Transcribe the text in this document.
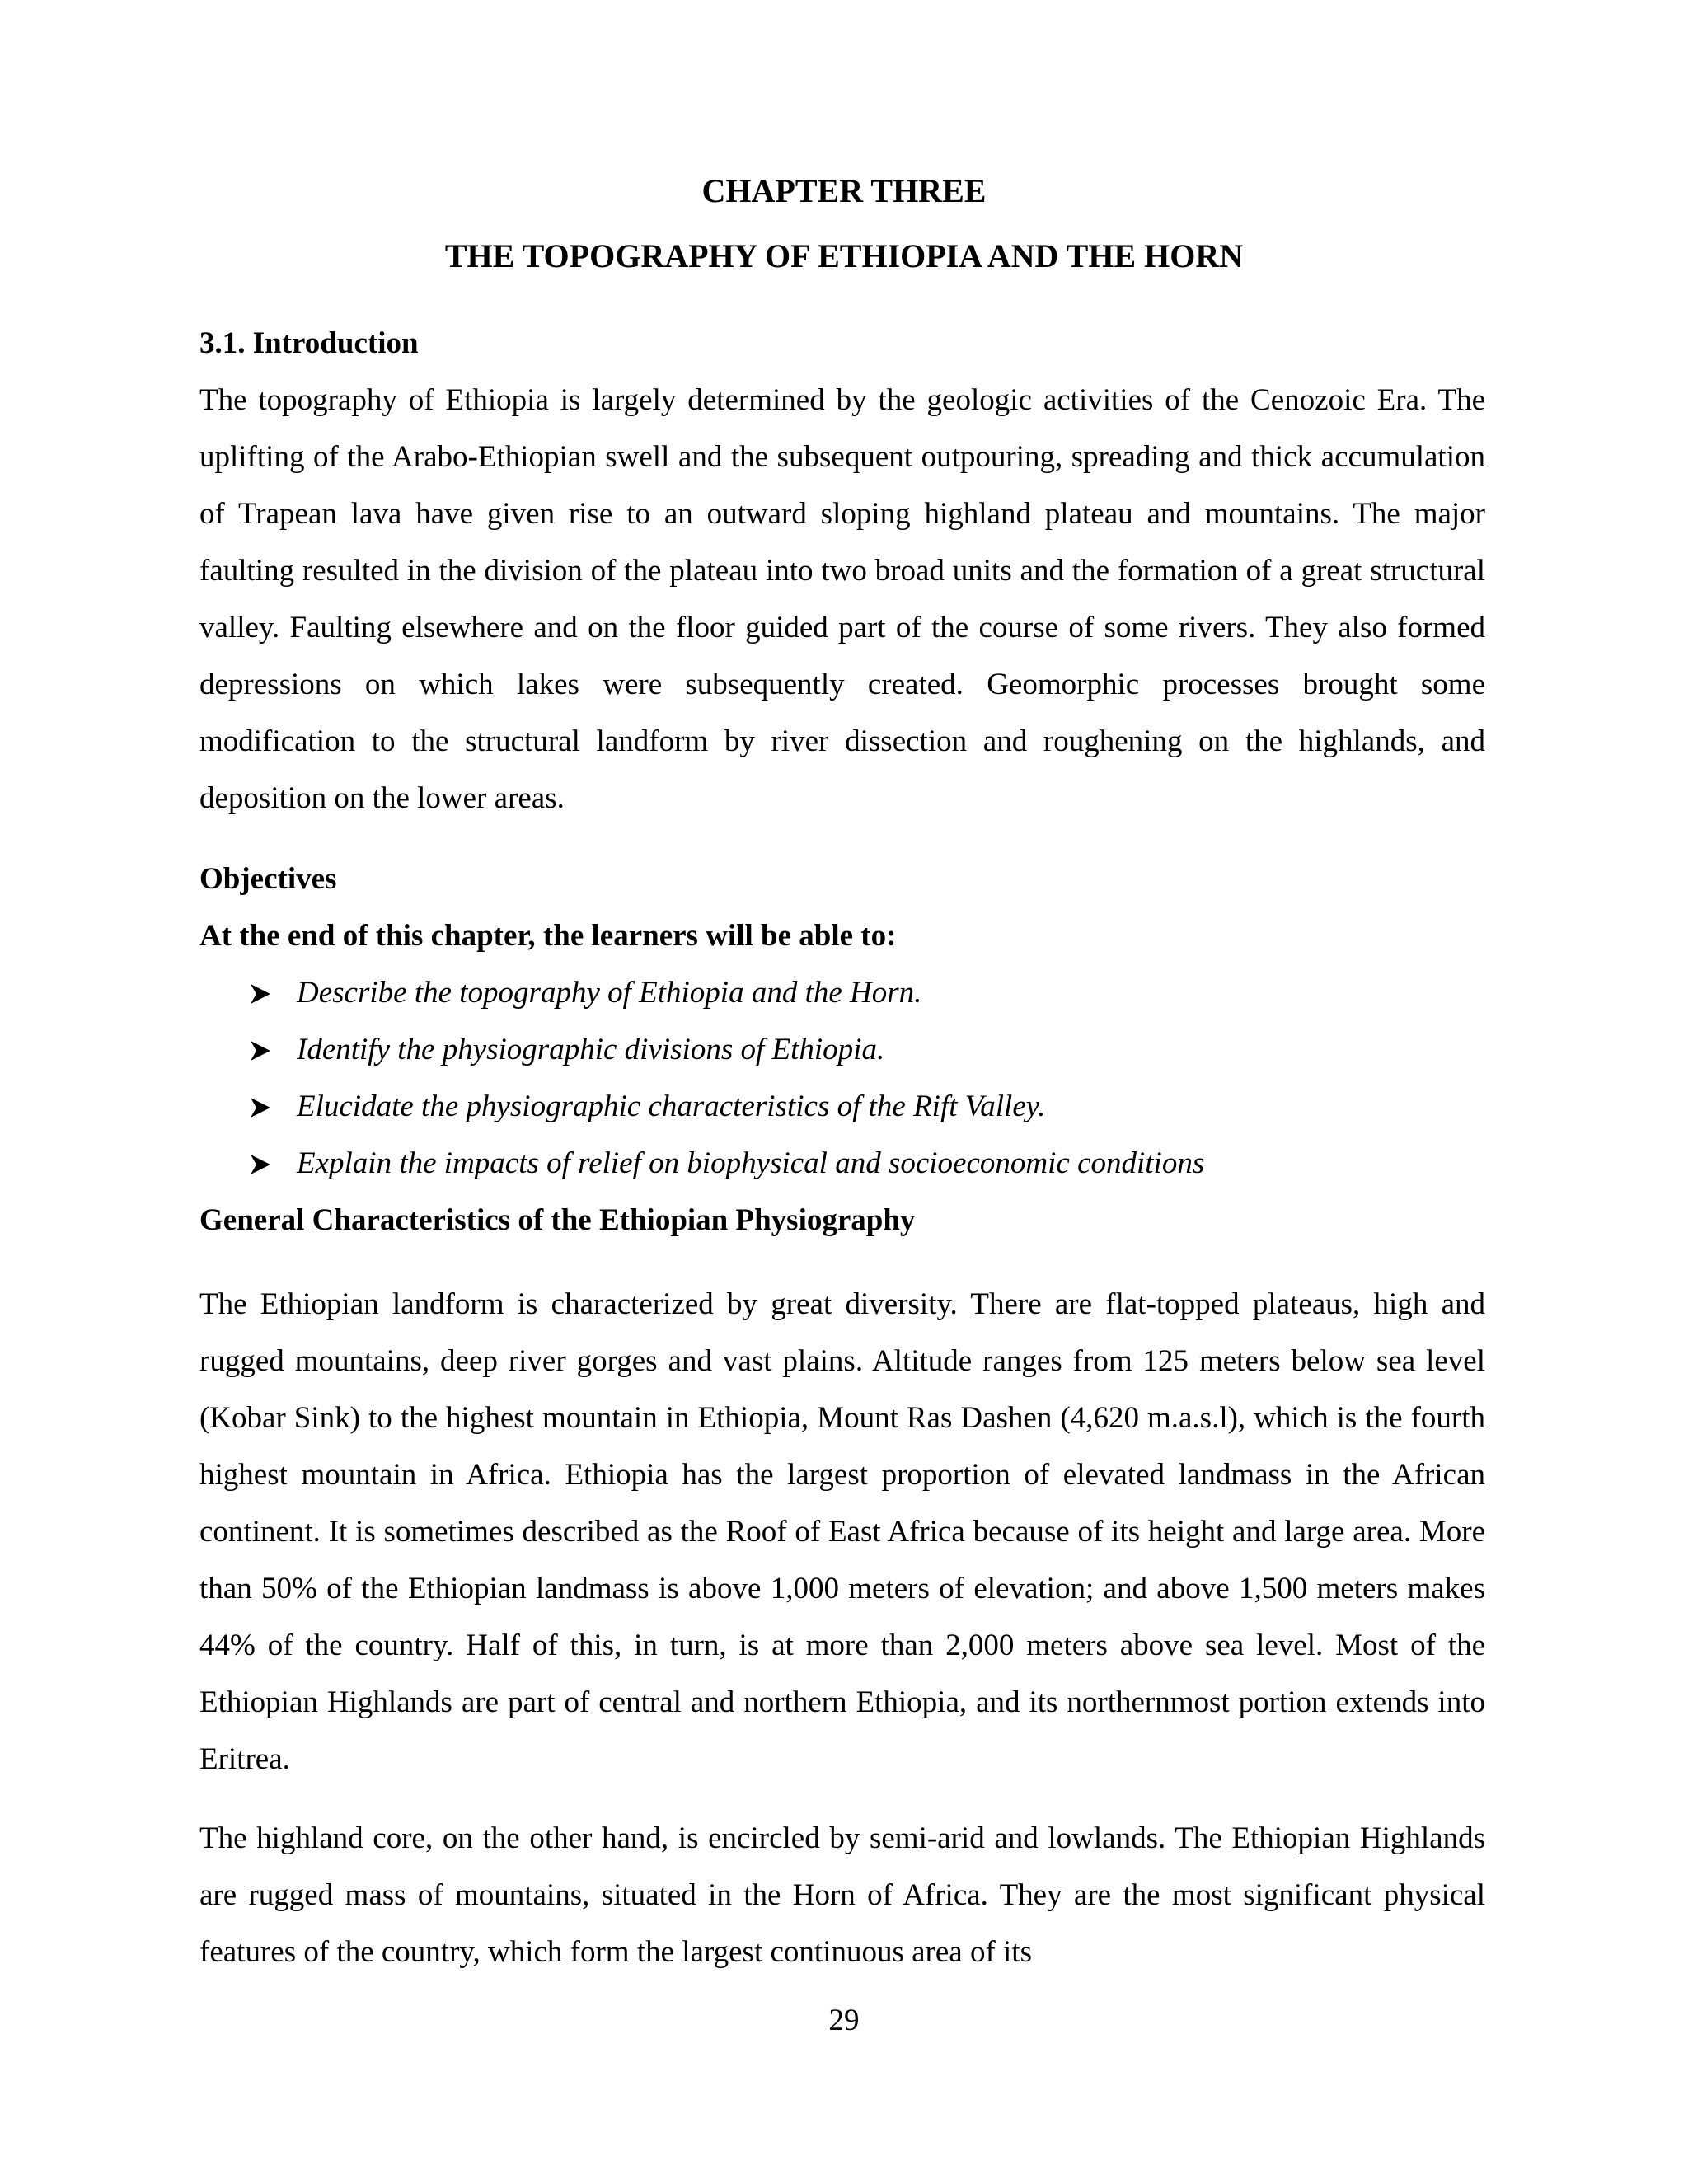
CHAPTER THREE
THE TOPOGRAPHY OF ETHIOPIA AND THE HORN
3.1. Introduction

The topography of Ethiopia is largely determined by the geologic activities of the Cenozoic Era. The uplifting of the Arabo-Ethiopian swell and the subsequent outpouring, spreading and thick accumulation of Trapean lava have given rise to an outward sloping highland plateau and mountains. The major faulting resulted in the division of the plateau into two broad units and the formation of a great structural valley. Faulting elsewhere and on the floor guided part of the course of some rivers. They also formed depressions on which lakes were subsequently created. Geomorphic processes brought some modification to the structural landform by river dissection and roughening on the highlands, and deposition on the lower areas.

Objectives
At the end of this chapter, the learners will be able to:
Describe the topography of Ethiopia and the Horn.
Identify the physiographic divisions of Ethiopia.
Elucidate the physiographic characteristics of the Rift Valley.
Explain the impacts of relief on biophysical and socioeconomic conditions
General Characteristics of the Ethiopian Physiography

The Ethiopian landform is characterized by great diversity. There are flat-topped plateaus, high and rugged mountains, deep river gorges and vast plains. Altitude ranges from 125 meters below sea level (Kobar Sink) to the highest mountain in Ethiopia, Mount Ras Dashen (4,620 m.a.s.l), which is the fourth highest mountain in Africa. Ethiopia has the largest proportion of elevated landmass in the African continent. It is sometimes described as the Roof of East Africa because of its height and large area. More than 50% of the Ethiopian landmass is above 1,000 meters of elevation; and above 1,500 meters makes 44% of the country. Half of this, in turn, is at more than 2,000 meters above sea level. Most of the Ethiopian Highlands are part of central and northern Ethiopia, and its northernmost portion extends into Eritrea.

The highland core, on the other hand, is encircled by semi-arid and lowlands. The Ethiopian Highlands are rugged mass of mountains, situated in the Horn of Africa. They are the most significant physical features of the country, which form the largest continuous area of its

29
